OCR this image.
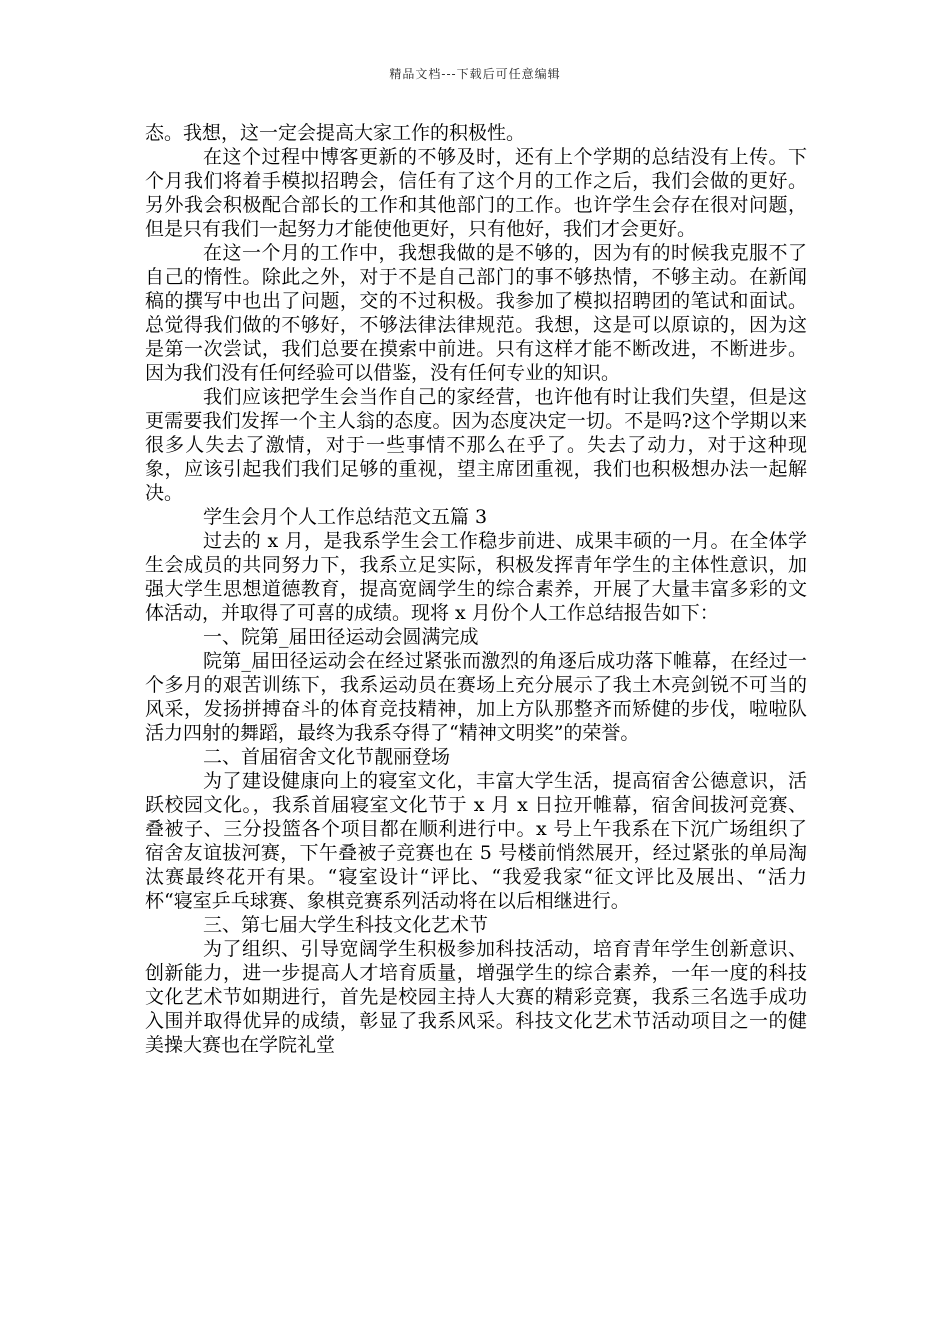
精品文档---下载后可任意编辑

态。我想，这一定会提高大家工作的积极性。

在这个过程中博客更新的不够及时，还有上个学期的总结没有上传。下个月我们将着手模拟招聘会，信任有了这个月的工作之后，我们会做的更好。另外我会积极配合部长的工作和其他部门的工作。也许学生会存在很对问题，但是只有我们一起努力才能使他更好，只有他好，我们才会更好。

在这一个月的工作中，我想我做的是不够的，因为有的时候我克服不了自己的惰性。除此之外，对于不是自己部门的事不够热情，不够主动。在新闻稿的撰写中也出了问题，交的不过积极。我参加了模拟招聘团的笔试和面试。总觉得我们做的不够好，不够法律法律规范。我想，这是可以原谅的，因为这是第一次尝试，我们总要在摸索中前进。只有这样才能不断改进，不断进步。因为我们没有任何经验可以借鉴，没有任何专业的知识。

我们应该把学生会当作自己的家经营，也许他有时让我们失望，但是这更需要我们发挥一个主人翁的态度。因为态度决定一切。不是吗?这个学期以来很多人失去了激情，对于一些事情不那么在乎了。失去了动力，对于这种现象，应该引起我们我们足够的重视，望主席团重视，我们也积极想办法一起解决。

学生会月个人工作总结范文五篇 3

过去的 x 月，是我系学生会工作稳步前进、成果丰硕的一月。在全体学生会成员的共同努力下，我系立足实际，积极发挥青年学生的主体性意识，加强大学生思想道德教育，提高宽阔学生的综合素养，开展了大量丰富多彩的文体活动，并取得了可喜的成绩。现将 x 月份个人工作总结报告如下：

一、院第_届田径运动会圆满完成

院第_届田径运动会在经过紧张而激烈的角逐后成功落下帷幕，在经过一个多月的艰苦训练下，我系运动员在赛场上充分展示了我土木亮剑锐不可当的风采，发扬拼搏奋斗的体育竞技精神，加上方队那整齐而矫健的步伐，啦啦队活力四射的舞蹈，最终为我系夺得了“精神文明奖”的荣誉。

二、首届宿舍文化节靓丽登场

为了建设健康向上的寝室文化，丰富大学生活，提高宿舍公德意识，活跃校园文化。，我系首届寝室文化节于 x 月 x 日拉开帷幕，宿舍间拔河竞赛、叠被子、三分投篮各个项目都在顺利进行中。x 号上午我系在下沉广场组织了宿舍友谊拔河赛，下午叠被子竞赛也在 5 号楼前悄然展开，经过紧张的单局淘汰赛最终花开有果。“寝室设计“评比、“我爱我家“征文评比及展出、“活力杯“寝室乒乓球赛、象棋竞赛系列活动将在以后相继进行。

三、第七届大学生科技文化艺术节

为了组织、引导宽阔学生积极参加科技活动，培育青年学生创新意识、创新能力，进一步提高人才培育质量，增强学生的综合素养，一年一度的科技文化艺术节如期进行，首先是校园主持人大赛的精彩竞赛，我系三名选手成功入围并取得优异的成绩，彰显了我系风采。科技文化艺术节活动项目之一的健美操大赛也在学院礼堂
